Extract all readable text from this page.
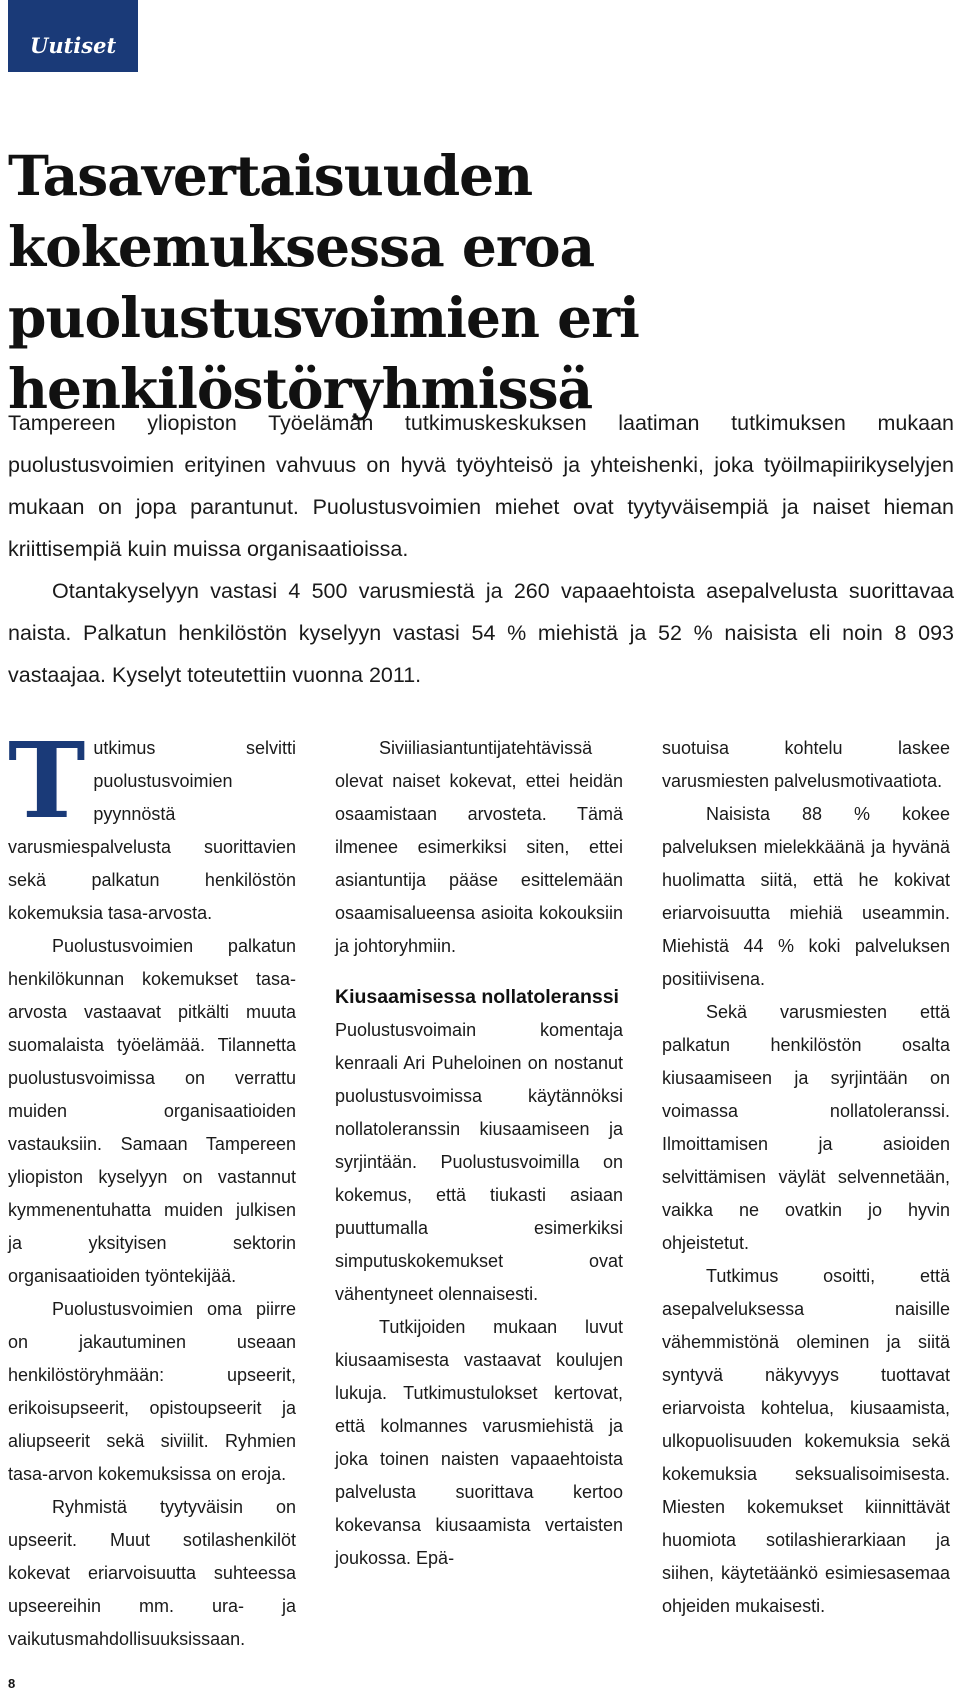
Uutiset
Tasavertaisuuden kokemuksessa eroa puolustusvoimien eri henkilöstöryhmissä

Tampereen yliopiston Työelämän tutkimuskeskuksen laatiman tutkimuksen mukaan puolustusvoimien erityinen vahvuus on hyvä työyhteisö ja yhteishenki, joka työilmapiirikyselyjen mukaan on jopa parantunut. Puolustusvoimien miehet ovat tyytyväisempiä ja naiset hieman kriittisempiä kuin muissa organisaatioissa.

Otantakyselyyn vastasi 4 500 varusmiestä ja 260 vapaaehtoista asepalvelusta suorittavaa naista. Palkatun henkilöstön kyselyyn vastasi 54 % miehistä ja 52 % naisista eli noin 8 093 vastaajaa. Kyselyt toteutettiin vuonna 2011.

Tutkimus selvitti puolustusvoimien pyynnöstä varusmiespalvelusta suorittavien sekä palkatun henkilöstön kokemuksia tasa-arvosta.

Puolustusvoimien palkatun henkilökunnan kokemukset tasa-arvosta vastaavat pitkälti muuta suomalaista työelämää. Tilannetta puolustusvoimissa on verrattu muiden organisaatioiden vastauksiin. Samaan Tampereen yliopiston kyselyyn on vastannut kymmenentuhatta muiden julkisen ja yksityisen sektorin organisaatioiden työntekijää.

Puolustusvoimien oma piirre on jakautuminen useaan henkilöstöryhmään: upseerit, erikoisupseerit, opistoupseerit ja aliupseerit sekä siviilit. Ryhmien tasa-arvon kokemuksissa on eroja.

Ryhmistä tyytyväisin on upseerit. Muut sotilashenkilöt kokevat eriarvoisuutta suhteessa upseereihin mm. ura- ja vaikutusmahdollisuuksissaan.

Siviiliasiantuntijatehtävissä olevat naiset kokevat, ettei heidän osaamistaan arvosteta. Tämä ilmenee esimerkiksi siten, ettei asiantuntija pääse esittelemään osaamisalueensa asioita kokouksiin ja johtoryhmiin.

Kiusaamisessa nollatoleranssi

Puolustusvoimain komentaja kenraali Ari Puheloinen on nostanut puolustusvoimissa käytännöksi nollatoleranssin kiusaamiseen ja syrjintään. Puolustusvoimilla on kokemus, että tiukasti asiaan puuttumalla esimerkiksi simputuskokemukset ovat vähentyneet olennaisesti.

Tutkijoiden mukaan luvut kiusaamisesta vastaavat koulujen lukuja. Tutkimustulokset kertovat, että kolmannes varusmiehistä ja joka toinen naisten vapaaehtoista palvelusta suorittava kertoo kokevansa kiusaamista vertaisten joukossa. Epä-

suotuisa kohtelu laskee varusmiesten palvelusmotivaatiota.

Naisista 88 % kokee palveluksen mielekkäänä ja hyvänä huolimatta siitä, että he kokivat eriarvoisuutta miehiä useammin. Miehistä 44 % koki palveluksen positiivisena.

Sekä varusmiesten että palkatun henkilöstön osalta kiusaamiseen ja syrjintään on voimassa nollatoleranssi. Ilmoittamisen ja asioiden selvittämisen väylät selvennetään, vaikka ne ovatkin jo hyvin ohjeistetut.

Tutkimus osoitti, että asepalveluksessa naisille vähemmistönä oleminen ja siitä syntyvä näkyvyys tuottavat eriarvoista kohtelua, kiusaamista, ulkopuolisuuden kokemuksia sekä kokemuksia seksualisoimisesta. Miesten kokemukset kiinnittävät huomiota sotilashierarkiaan ja siihen, käytetäänkö esimiesasemaa ohjeiden mukaisesti.

8
